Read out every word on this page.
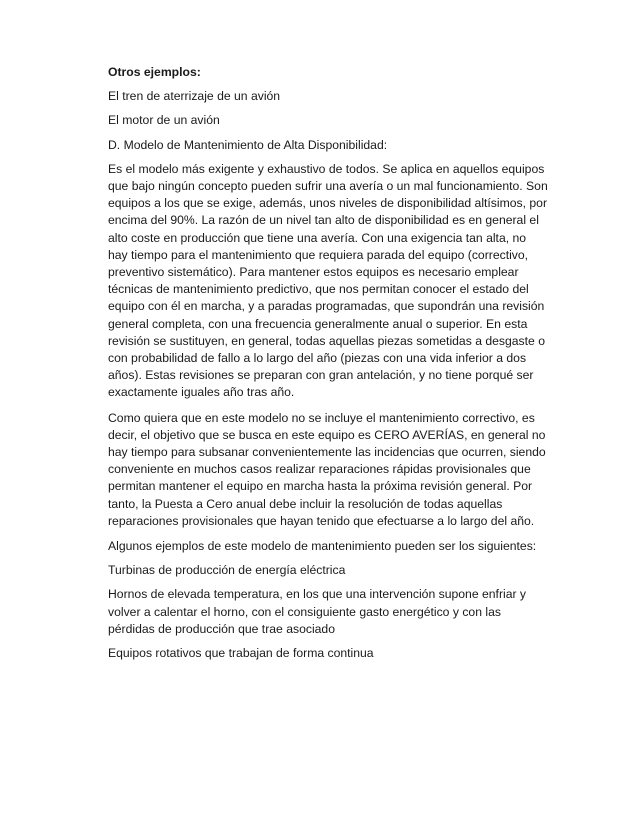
Otros ejemplos:

El tren de aterrizaje de un avión

El motor de un avión

D. Modelo de Mantenimiento de Alta Disponibilidad:

Es el modelo más exigente y exhaustivo de todos. Se aplica en aquellos equipos que bajo ningún concepto pueden sufrir una avería o un mal funcionamiento. Son equipos a los que se exige, además, unos niveles de disponibilidad altísimos, por encima del 90%. La razón de un nivel tan alto de disponibilidad es en general el alto coste en producción que tiene una avería. Con una exigencia tan alta, no hay tiempo para el mantenimiento que requiera parada del equipo (correctivo, preventivo sistemático). Para mantener estos equipos es necesario emplear técnicas de mantenimiento predictivo, que nos permitan conocer el estado del equipo con él en marcha, y a paradas programadas, que supondrán una revisión general completa, con una frecuencia generalmente anual o superior. En esta revisión se sustituyen, en general, todas aquellas piezas sometidas a desgaste o con probabilidad de fallo a lo largo del año (piezas con una vida inferior a dos años). Estas revisiones se preparan con gran antelación, y no tiene porqué ser exactamente iguales año tras año.

Como quiera que en este modelo no se incluye el mantenimiento correctivo, es decir, el objetivo que se busca en este equipo es CERO AVERÍAS, en general no hay tiempo para subsanar convenientemente las incidencias que ocurren, siendo conveniente en muchos casos realizar reparaciones rápidas provisionales que permitan mantener el equipo en marcha hasta la próxima revisión general. Por tanto, la Puesta a Cero anual debe incluir la resolución de todas aquellas reparaciones provisionales que hayan tenido que efectuarse a lo largo del año.

Algunos ejemplos de este modelo de mantenimiento pueden ser los siguientes:

Turbinas de producción de energía eléctrica

Hornos de elevada temperatura, en los que una intervención supone enfriar y volver a calentar el horno, con el consiguiente gasto energético y con las pérdidas de producción que trae asociado

Equipos rotativos que trabajan de forma continua
